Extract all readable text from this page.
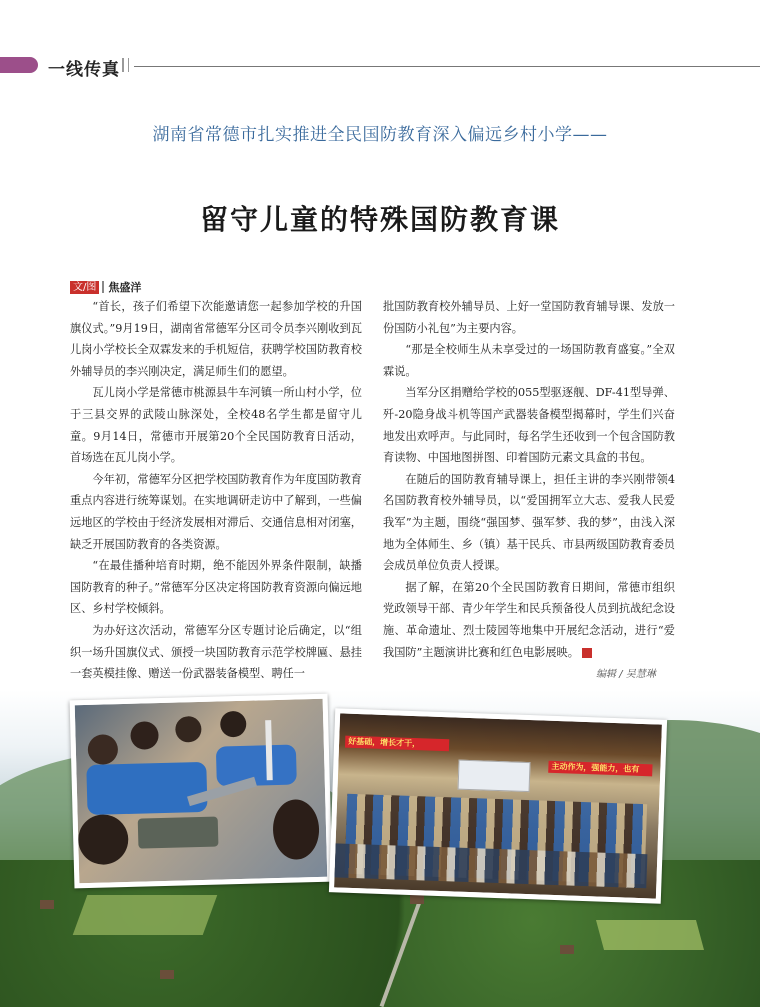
一线传真
湖南省常德市扎实推进全民国防教育深入偏远乡村小学——
留守儿童的特殊国防教育课
文/图 焦盛洋

“首长，孩子们希望下次能邀请您一起参加学校的升国旗仪式。”9月19日，湖南省常德军分区司令员李兴刚收到瓦儿岗小学校长全双霖发来的手机短信，获聘学校国防教育校外辅导员的李兴刚决定，满足师生们的愿望。

瓦儿岗小学是常德市桃源县牛车河镇一所山村小学，位于三县交界的武陵山脉深处，全校48名学生都是留守儿童。9月14日，常德市开展第20个全民国防教育日活动，首场选在瓦儿岗小学。

今年初，常德军分区把学校国防教育作为年度国防教育重点内容进行统筹谋划。在实地调研走访中了解到，一些偏远地区的学校由于经济发展相对滞后、交通信息相对闭塞，缺乏开展国防教育的各类资源。

“在最佳播种培育时期，绝不能因外界条件限制，缺播国防教育的种子。”常德军分区决定将国防教育资源向偏远地区、乡村学校倾斜。

为办好这次活动，常德军分区专题讨论后确定，以“组织一场升国旗仪式、颁授一块国防教育示范学校牌匾、悬挂一套英模挂像、赠送一份武器装备模型、聘任一

批国防教育校外辅导员、上好一堂国防教育辅导课、发放一份国防小礼包”为主要内容。

“那是全校师生从未享受过的一场国防教育盛宴。”全双霖说。

当军分区捐赠给学校的055型驱逐舰、DF-41型导弹、歼-20隐身战斗机等国产武器装备模型揭幕时，学生们兴奋地发出欢呼声。与此同时，每名学生还收到一个包含国防教育读物、中国地图拼图、印着国防元素文具盒的书包。

在随后的国防教育辅导课上，担任主讲的李兴刚带领4名国防教育校外辅导员，以“爱国拥军立大志、爱我人民爱我军”为主题，围绕“强国梦、强军梦、我的梦”，由浅入深地为全体师生、乡（镇）基干民兵、市县两级国防教育委员会成员单位负责人授课。

据了解，在第20个全民国防教育日期间，常德市组织党政领导干部、青少年学生和民兵预备役人员到抗战纪念设施、革命遗址、烈士陵园等地集中开展纪念活动，进行“爱我国防”主题演讲比赛和红色电影展映。	G

编辑 / 吴慧琳
好基础，增长才干，
主动作为，强能力，也有
